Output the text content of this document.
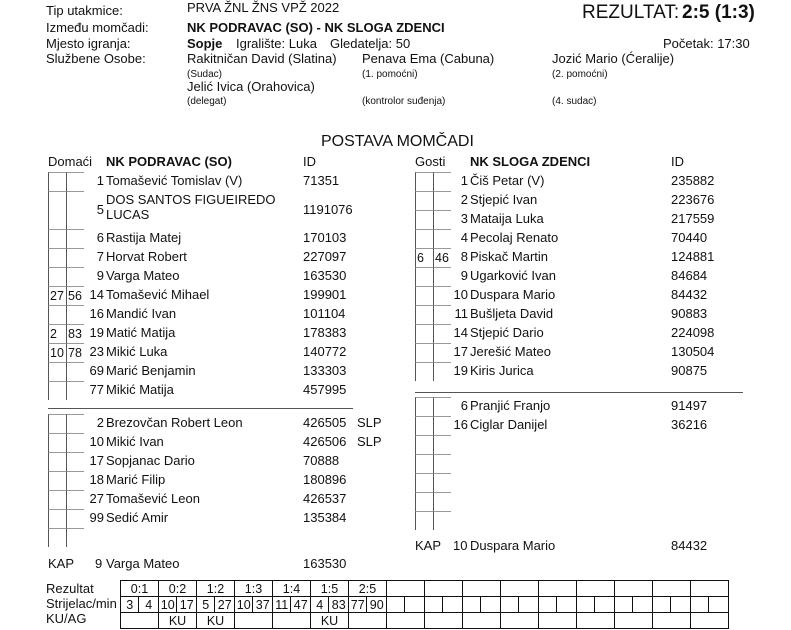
Tip utakmice:	PRVA ŽNL ŽNS VPŽ 2022	REZULTAT: 2:5 (1:3)
Između momčadi:	NK PODRAVAC (SO) - NK SLOGA ZDENCI
Mjesto igranja:	Sopje Igralište: Luka Gledatelja: 50	Početak: 17:30
Službene Osobe:	Rakitničan David (Slatina)
(Sudac)
Penava Ema (Cabuna)
(1. pomoćni)
Jozić Mario (Ćeralije)
(2. pomoćni)
Jelić Ivica (Orahovica)
(delegat)	(kontrolor suđenja)	(4. sudac)
POSTAVA MOMČADI
Domaći NK PODRAVAC (SO)	ID	Gosti NK SLOGA ZDENCI	ID
1 Tomašević Tomislav (V)	71351
5
DOS SANTOS FIGUEIREDO
LUCAS	1191076
6 Rastija Matej	170103
7 Horvat Robert	227097
9 Varga Mateo	163530
27 56 14 Tomašević Mihael	199901
16 Mandić Ivan	101104
2 83 19 Matić Matija	178383
10 78 23 Mikić Luka	140772
69 Marić Benjamin	133303
77 Mikić Matija	457995
2 Brezovčan Robert Leon	426505 SLP
10 Mikić Ivan	426506 SLP
17 Sopjanac Dario	70888
18 Marić Filip	180896
27 Tomašević Leon	426537
99 Sedić Amir	135384
1 Čiš Petar (V)	235882
2 Stjepić Ivan	223676
3 Mataija Luka	217559
4 Pecolaj Renato	70440
6 46 8 Piskač Martin	124881
9 Ugarković Ivan	84684
10 Duspara Mario	84432
11 Bušljeta David	90883
14 Stjepić Dario	224098
17 Jerešić Mateo	130504
19 Kiris Jurica	90875
6 Pranjić Franjo	91497
16 Ciglar Danijel	36216
KAP 9 Varga Mateo	163530
KAP 10 Duspara Mario	84432
Rezultat
Strijelac/min
KU/AG
0:1		0:2		1:2		1:3		1:4		1:5		2:5																			
3	4	10	17	5	27	10	37	11	47	4	83	77	90																		
		KU		KU						KU																					
